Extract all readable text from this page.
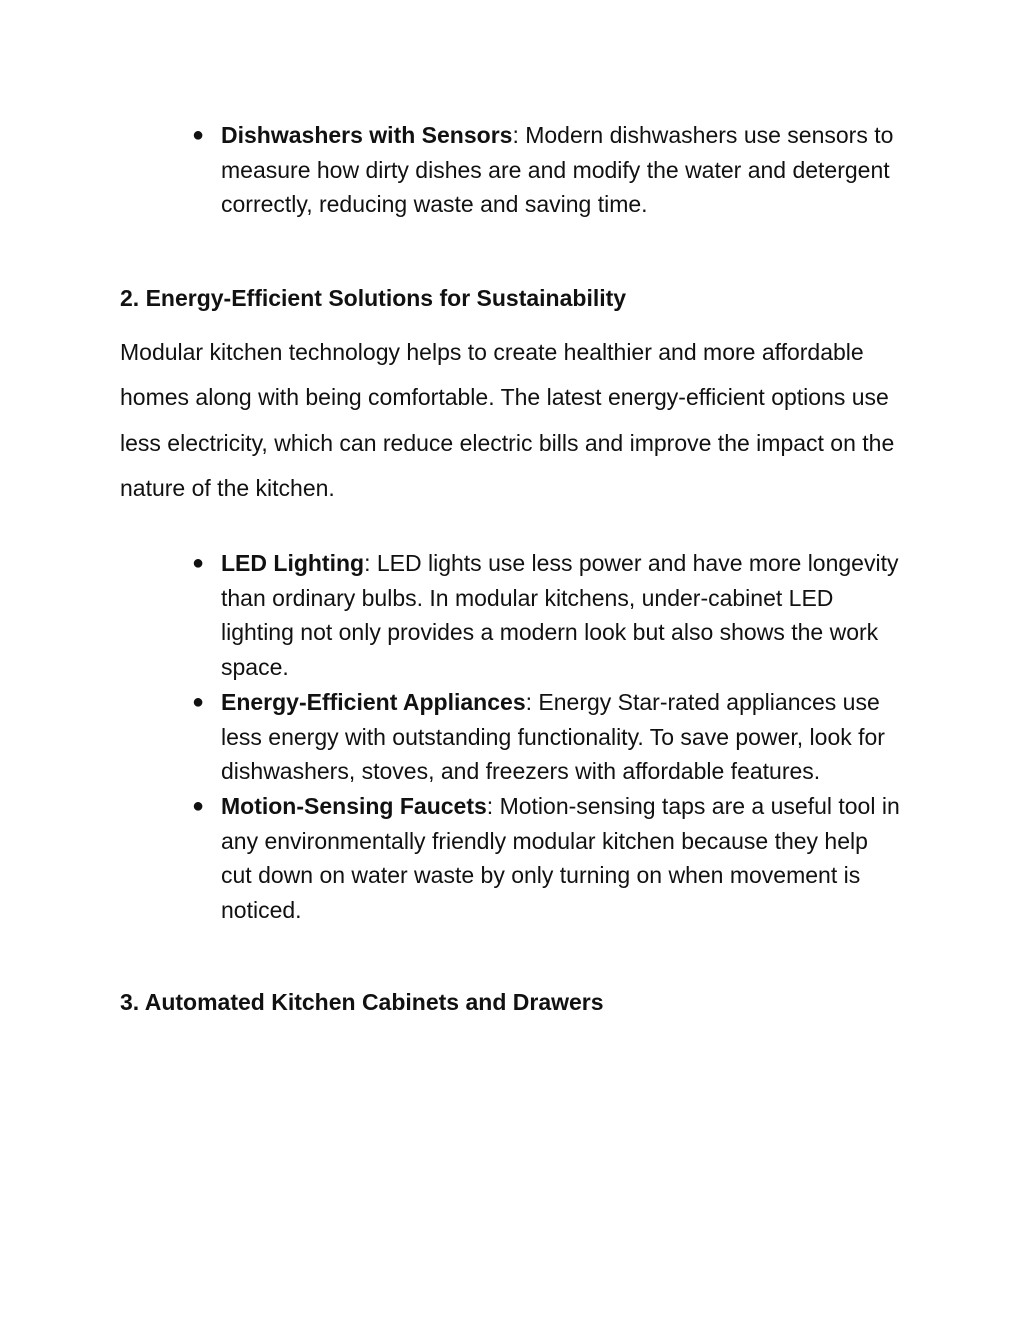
● Dishwashers with Sensors: Modern dishwashers use sensors to measure how dirty dishes are and modify the water and detergent correctly, reducing waste and saving time.
2. Energy-Efficient Solutions for Sustainability

Modular kitchen technology helps to create healthier and more affordable homes along with being comfortable. The latest energy-efficient options use less electricity, which can reduce electric bills and improve the impact on the nature of the kitchen.

● LED Lighting: LED lights use less power and have more longevity than ordinary bulbs. In modular kitchens, under-cabinet LED lighting not only provides a modern look but also shows the work space.
● Energy-Efficient Appliances: Energy Star-rated appliances use less energy with outstanding functionality. To save power, look for dishwashers, stoves, and freezers with affordable features.
● Motion-Sensing Faucets: Motion-sensing taps are a useful tool in any environmentally friendly modular kitchen because they help cut down on water waste by only turning on when movement is noticed.
3. Automated Kitchen Cabinets and Drawers
